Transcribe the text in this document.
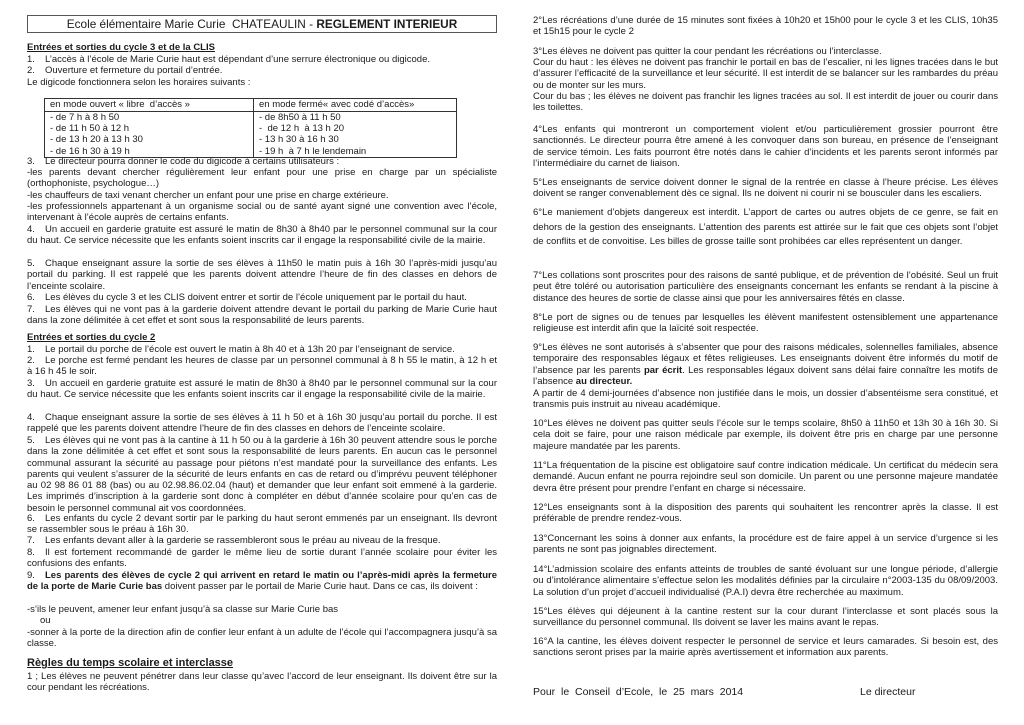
Ecole élémentaire Marie Curie  CHATEAULIN - REGLEMENT INTERIEUR

Entrées et sorties du cycle 3 et de la CLIS

1. L’accès à l’école de Marie Curie haut est dépendant d’une serrure électronique ou digicode.

2. Ouverture et fermeture du portail d’entrée.

Le digicode fonctionnera selon les horaires suivants :

en mode ouvert « libre  d’accès »	en mode fermé« avec codé d’accès»
- de 7 h à 8 h 50	- de 8h50 à 11 h 50
- de 11 h 50 à 12 h	-  de 12 h  à 13 h 20
- de 13 h 20 à 13 h 30	- 13 h 30 à 16 h 30
- de 16 h 30 à 19 h	- 19 h  à 7 h le lendemain

3. Le directeur pourra donner le code du digicode à certains utilisateurs :

-les parents devant chercher régulièrement leur enfant pour une prise en charge par un spécialiste (orthophoniste, psychologue…)

-les chauffeurs de taxi venant chercher un enfant pour une prise en charge extérieure.

-les professionnels appartenant à un organisme social ou de santé ayant signé une convention avec l’école, intervenant à l’école auprès de certains enfants.

4. Un accueil en garderie gratuite est assuré le matin de 8h30 à 8h40 par le personnel communal sur la cour du haut. Ce service nécessite que les enfants soient inscrits car il engage la responsabilité civile de la mairie.

5. Chaque enseignant assure la sortie de ses élèves à 11h50 le matin puis à 16h 30 l’après-midi jusqu’au portail du parking. Il est rappelé que les parents doivent attendre l’heure de fin des classes en dehors de l’enceinte scolaire.

6. Les élèves du cycle 3 et les CLIS doivent entrer et sortir de l’école uniquement par le portail du haut.

7. Les élèves qui ne vont pas à la garderie doivent attendre devant le portail du parking de Marie Curie haut dans la zone délimitée à cet effet et sont sous la responsabilité de leurs parents.

Entrées et sorties du cycle 2

1. Le portail du porche de l’école est ouvert le matin à 8h 40 et à 13h 20 par l’enseignant de service.

2. Le porche est fermé pendant les heures de classe par un personnel communal à 8 h 55 le matin, à 12 h et à 16 h 45 le soir.

3. Un accueil en garderie gratuite est assuré le matin de 8h30 à 8h40 par le personnel communal sur la cour du haut. Ce service nécessite que les enfants soient inscrits car il engage la responsabilité civile de la mairie.

4. Chaque enseignant assure la sortie de ses élèves à 11 h 50 et à 16h 30 jusqu’au portail du porche. Il est rappelé que les parents doivent attendre l’heure de fin des classes en dehors de l’enceinte scolaire.

5. Les élèves qui ne vont pas à la cantine à 11 h 50 ou à la garderie à 16h 30 peuvent attendre sous le porche dans la zone délimitée à cet effet et sont sous la responsabilité de leurs parents. En aucun cas le personnel communal assurant la sécurité au passage pour piétons n’est mandaté pour la surveillance des enfants. Les parents qui veulent s’assurer de la sécurité de leurs enfants en cas de retard ou d’imprévu peuvent téléphoner au 02 98 86 01 88 (bas) ou au 02.98.86.02.04 (haut) et demander que leur enfant soit emmené à la garderie. Les imprimés d’inscription à la garderie sont donc à compléter en début d’année scolaire pour qu’en cas de besoin le personnel communal ait vos coordonnées.

6. Les enfants du cycle 2 devant sortir par le parking du haut seront emmenés par un enseignant. Ils devront se rassembler sous le préau à 16h 30.

7. Les enfants devant aller à la garderie se rassembleront sous le préau au niveau de la fresque.

8. Il est fortement recommandé de garder le même lieu de sortie durant l’année scolaire pour éviter les confusions des enfants.

9. Les parents des élèves de cycle 2 qui arrivent en retard le matin ou l’après-midi après la fermeture de la porte de Marie Curie bas doivent passer par le portail de Marie Curie haut. Dans ce cas, ils doivent :

-s’ils le peuvent, amener leur enfant jusqu’à sa classe sur Marie Curie bas

ou

-sonner à la porte de la direction afin de confier leur enfant à un adulte de l’école qui l’accompagnera jusqu’à sa classe.

Règles du temps scolaire et interclasse

1 ; Les élèves ne peuvent pénétrer dans leur classe qu’avec l’accord de leur enseignant. Ils doivent être sur la cour pendant les récréations.

2°Les récréations d’une durée de 15 minutes sont fixées à 10h20 et 15h00 pour le cycle 3 et les CLIS, 10h35 et 15h15 pour le cycle 2

3°Les élèves ne doivent pas quitter la cour pendant les récréations ou l’interclasse.

Cour du haut : les élèves ne doivent pas franchir le portail en bas de l’escalier, ni les lignes tracées dans le but d’assurer l’efficacité de la surveillance et leur sécurité. Il est interdit de se balancer sur les rambardes du préau ou de monter sur les murs.

Cour du bas ; les élèves ne doivent pas franchir les lignes tracées au sol. Il est interdit de jouer ou courir dans les toilettes.

4°Les enfants qui montreront un comportement violent et/ou particulièrement grossier pourront être sanctionnés. Le directeur pourra être amené à les convoquer dans son bureau, en présence de l’enseignant de service témoin. Les faits pourront être notés dans le cahier d’incidents et les parents seront informés par l’intermédiaire du carnet de liaison.

5°Les enseignants de service doivent donner le signal de la rentrée en classe à l’heure précise. Les élèves doivent se ranger convenablement dès ce signal. Ils ne doivent ni courir ni se bousculer dans les escaliers.

6°Le maniement d’objets dangereux est interdit. L’apport de cartes ou autres objets de ce genre, se fait en dehors de la gestion des enseignants. L’attention des parents est attirée sur le fait que ces objets sont l’objet de conflits et de convoitise. Les billes de grosse taille sont prohibées car elles représentent un danger.

7°Les collations sont proscrites pour des raisons de santé publique, et de prévention de l’obésité. Seul un fruit peut être toléré ou autorisation particulière des enseignants concernant les enfants se rendant à la piscine à distance des heures de sortie de classe ainsi que pour les anniversaires fêtés en classe.

8°Le port de signes ou de tenues par lesquelles les élèvent manifestent ostensiblement une appartenance religieuse est interdit afin que la laïcité soit respectée.

9°Les élèves ne sont autorisés à s’absenter que pour des raisons médicales, solennelles familiales, absence temporaire des responsables légaux et fêtes religieuses. Les enseignants doivent être informés du motif de l’absence par les parents par écrit. Les responsables légaux doivent sans délai faire connaître les motifs de l’absence au directeur.

A partir de 4 demi-journées d’absence non justifiée dans le mois, un dossier d’absentéisme sera constitué, et transmis puis instruit au niveau académique.

10°Les élèves ne doivent pas quitter seuls l’école sur le temps scolaire, 8h50 à 11h50 et 13h 30 à 16h 30. Si cela doit se faire, pour une raison médicale par exemple, ils doivent être pris en charge par une personne majeure mandatée par les parents.

11°La fréquentation de la piscine est obligatoire sauf contre indication médicale. Un certificat du médecin sera demandé. Aucun enfant ne pourra rejoindre seul son domicile. Un parent ou une personne majeure mandatée devra être présent pour prendre l’enfant en charge si nécessaire.

12°Les enseignants sont à la disposition des parents qui souhaitent les rencontrer après la classe. Il est préférable de prendre rendez-vous.

13°Concernant les soins à donner aux enfants, la procédure est de faire appel à un service d’urgence si les parents ne sont pas joignables directement.

14°L’admission scolaire des enfants atteints de troubles de santé évoluant sur une longue période, d’allergie ou d’intolérance alimentaire s’effectue selon les modalités définies par la circulaire n°2003-135 du 08/09/2003. La solution d’un projet d’accueil individualisé (P.A.I) devra être recherchée au maximum.

15°Les élèves qui déjeunent à la cantine restent sur la cour durant l’interclasse et sont placés sous la surveillance du personnel communal. Ils doivent se laver les mains avant le repas.

16°A la cantine, les élèves doivent respecter le personnel de service et leurs camarades. Si besoin est, des sanctions seront prises par la mairie après avertissement et information aux parents.

Pour  le  Conseil  d’Ecole,  le  25  mars  2014	Le directeur
